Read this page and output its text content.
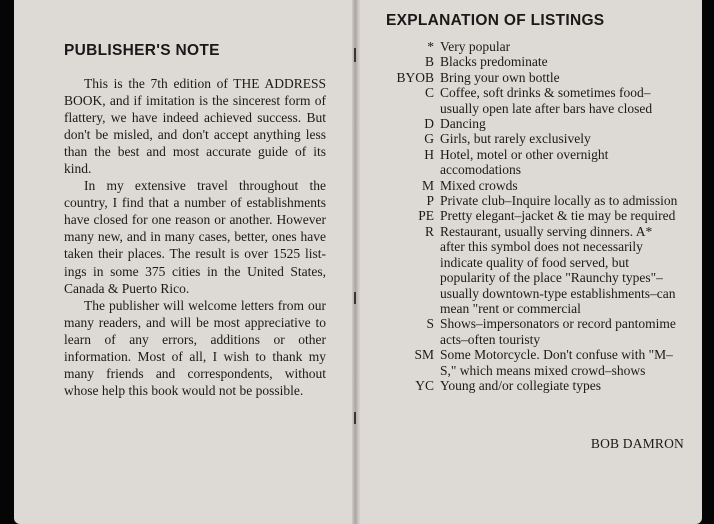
PUBLISHER'S NOTE

This is the 7th edition of THE ADDRESS BOOK, and if imitation is the sincerest form of flattery, we have indeed achieved success. But don't be misled, and don't accept anything less than the best and most accurate guide of its kind.

In my extensive travel throughout the country, I find that a number of establishments have closed for one reason or another. However many new, and in many cases, better, ones have taken their places. The result is over 1525 listings in some 375 cities in the United States, Canada & Puerto Rico.

The publisher will welcome letters from our many readers, and will be most appreciative to learn of any errors, additions or other information. Most of all, I wish to thank my many friends and correspondents, without whose help this book would not be possible.

BOB DAMRON
EXPLANATION OF LISTINGS
* Very popular
B Blacks predominate
BYOB Bring your own bottle
C Coffee, soft drinks & sometimes food–usually open late after bars have closed
D Dancing
G Girls, but rarely exclusively
H Hotel, motel or other overnight accomodations
M Mixed crowds
P Private club–Inquire locally as to admission
PE Pretty elegant–jacket & tie may be required
R Restaurant, usually serving dinners. A* after this symbol does not necessarily indicate quality of food served, but popularity of the place "Raunchy types"–usually downtown-type establishments–can mean "rent or commercial
S Shows–impersonators or record pantomime acts–often touristy
SM Some Motorcycle. Don't confuse with "M–S," which means mixed crowd–shows
YC Young and/or collegiate types
